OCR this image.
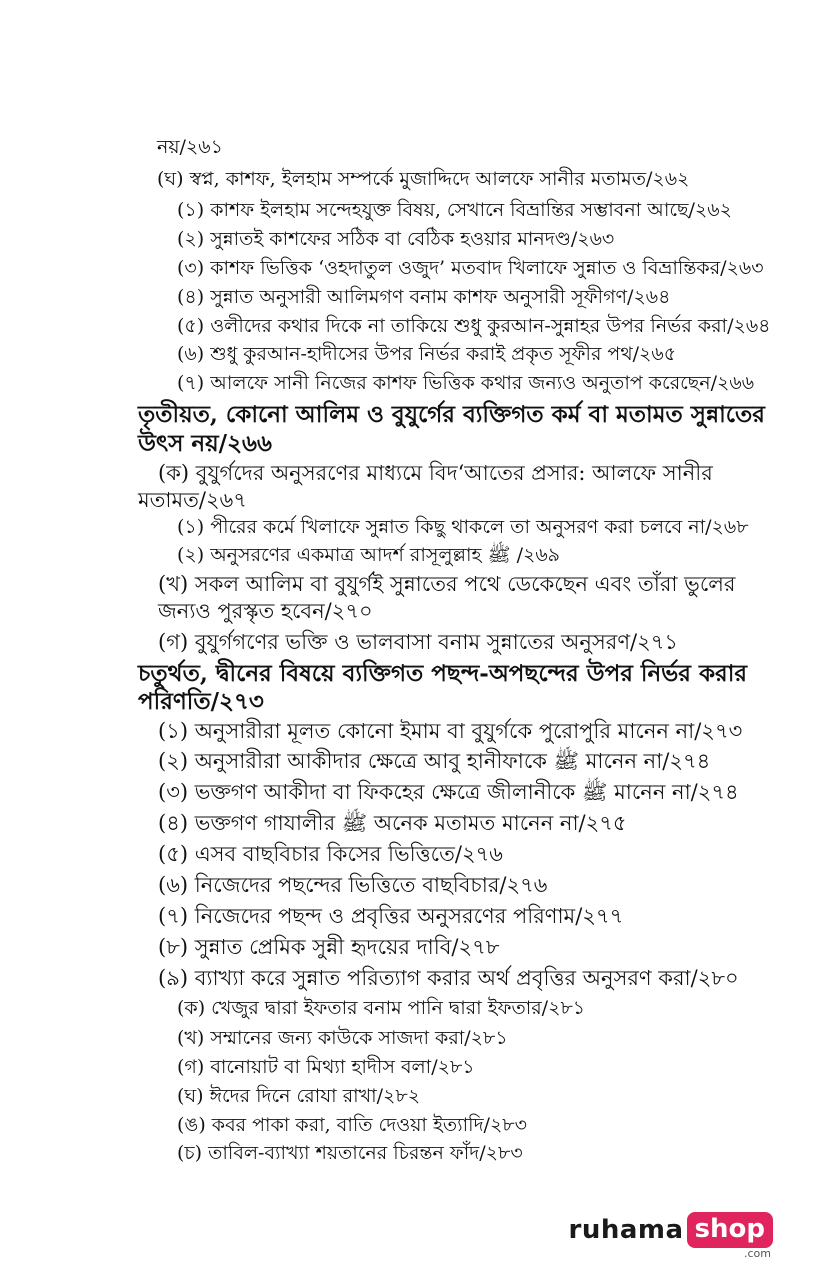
নয়/২৬১
(ঘ) স্বপ্ন, কাশফ, ইলহাম সম্পর্কে মুজাদ্দিদে আলফে সানীর মতামত/২৬২
(১) কাশফ ইলহাম সন্দেহযুক্ত বিষয়, সেখানে বিভ্রান্তির সম্ভাবনা আছে/২৬২
(২) সুন্নাতই কাশফের সঠিক বা বেঠিক হওয়ার মানদণ্ড/২৬৩
(৩) কাশফ ভিত্তিক ‘ওহদাতুল ওজুদ’ মতবাদ খিলাফে সুন্নাত ও বিভ্রান্তিকর/২৬৩
(৪) সুন্নাত অনুসারী আলিমগণ বনাম কাশফ অনুসারী সূফীগণ/২৬৪
(৫) ওলীদের কথার দিকে না তাকিয়ে শুধু কুরআন-সুন্নাহর উপর নির্ভর করা/২৬৪
(৬) শুধু কুরআন-হাদীসের উপর নির্ভর করাই প্রকৃত সূফীর পথ/২৬৫
(৭) আলফে সানী নিজের কাশফ ভিত্তিক কথার জন্যও অনুতাপ করেছেন/২৬৬
তৃতীয়ত, কোনো আলিম ও বুযুর্গের ব্যক্তিগত কর্ম বা মতামত সুন্নাতের
উৎস নয়/২৬৬
(ক) বুযুর্গদের অনুসরণের মাধ্যমে বিদ‘আতের প্রসার: আলফে সানীর
মতামত/২৬৭
(১) পীরের কর্মে খিলাফে সুন্নাত কিছু থাকলে তা অনুসরণ করা চলবে না/২৬৮
(২) অনুসরণের একমাত্র আদর্শ রাসূলুল্লাহ ﷺ /২৬৯
(খ) সকল আলিম বা বুযুর্গই সুন্নাতের পথে ডেকেছেন এবং তাঁরা ভুলের
জন্যও পুরস্কৃত হবেন/২৭০
(গ) বুযুর্গগণের ভক্তি ও ভালবাসা বনাম সুন্নাতের অনুসরণ/২৭১
চতুর্থত, দ্বীনের বিষয়ে ব্যক্তিগত পছন্দ-অপছন্দের উপর নির্ভর করার
পরিণতি/২৭৩
(১) অনুসারীরা মূলত কোনো ইমাম বা বুযুর্গকে পুরোপুরি মানেন না/২৭৩
(২) অনুসারীরা আকীদার ক্ষেত্রে আবু হানীফাকে ﷺ মানেন না/২৭৪
(৩) ভক্তগণ আকীদা বা ফিকহের ক্ষেত্রে জীলানীকে ﷺ মানেন না/২৭৪
(৪) ভক্তগণ গাযালীর ﷺ অনেক মতামত মানেন না/২৭৫
(৫) এসব বাছবিচার কিসের ভিত্তিতে/২৭৬
(৬) নিজেদের পছন্দের ভিত্তিতে বাছবিচার/২৭৬
(৭) নিজেদের পছন্দ ও প্রবৃত্তির অনুসরণের পরিণাম/২৭৭
(৮) সুন্নাত প্রেমিক সুন্নী হৃদয়ের দাবি/২৭৮
(৯) ব্যাখ্যা করে সুন্নাত পরিত্যাগ করার অর্থ প্রবৃত্তির অনুসরণ করা/২৮০
(ক) খেজুর দ্বারা ইফতার বনাম পানি দ্বারা ইফতার/২৮১
(খ) সম্মানের জন্য কাউকে সাজদা করা/২৮১
(গ) বানোয়াট বা মিথ্যা হাদীস বলা/২৮১
(ঘ) ঈদের দিনে রোযা রাখা/২৮২
(ঙ) কবর পাকা করা, বাতি দেওয়া ইত্যাদি/২৮৩
(চ) তাবিল-ব্যাখ্যা শয়তানের চিরন্তন ফাঁদ/২৮৩
ruhama shop
.com
